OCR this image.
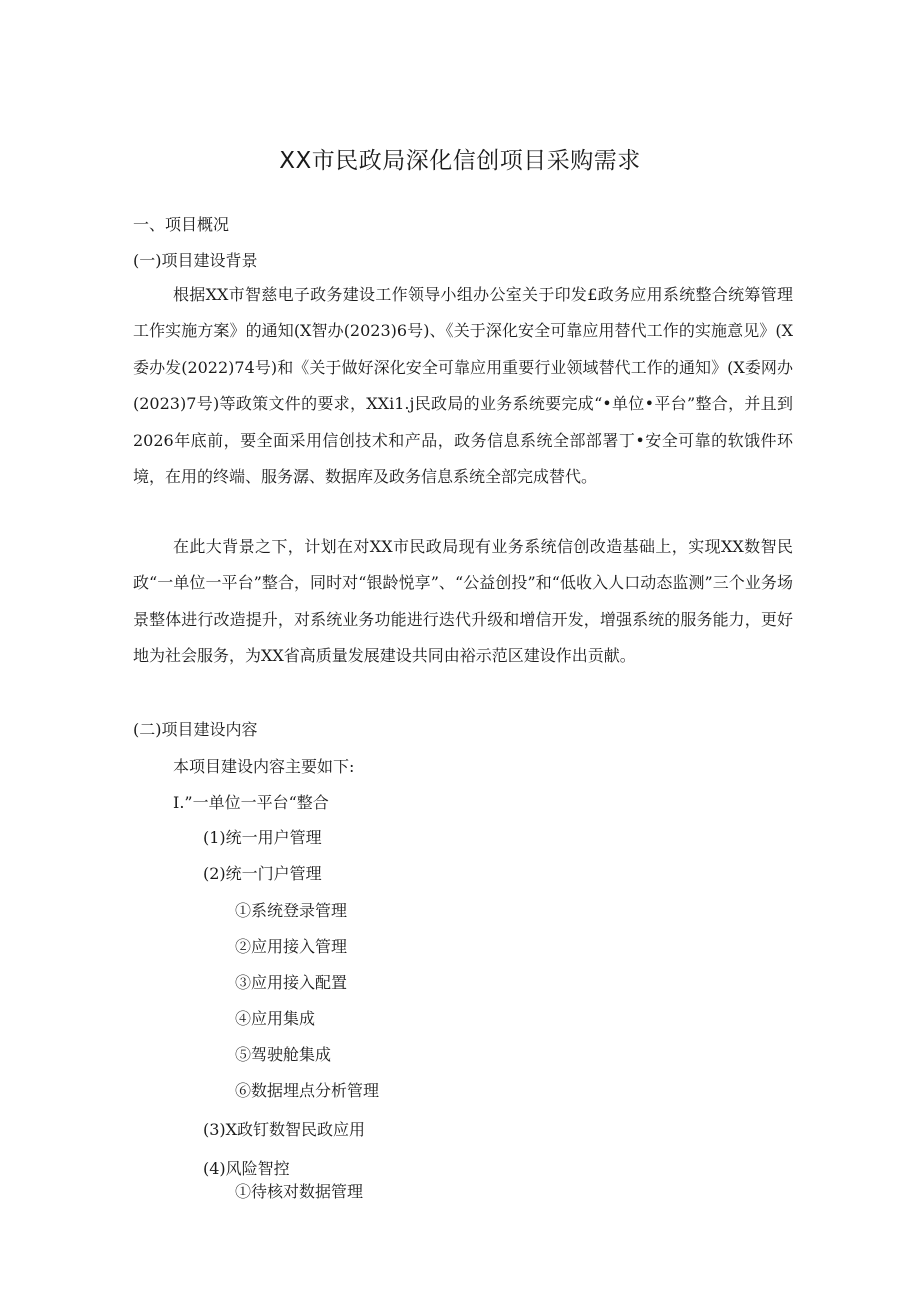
XX市民政局深化信创项目采购需求

一、项目概况

(一)项目建设背景

根据XX市智慈电子政务建设工作领导小组办公室关于印发£政务应用系统整合统筹管理工作实施方案》的通知(X智办(2023)6号)、《关于深化安全可靠应用替代工作的实施意见》(X委办发(2022)74号)和《关于做好深化安全可靠应用重要行业领域替代工作的通知》(X委网办(2023)7号)等政策文件的要求，XXi1.j民政局的业务系统要完成“•单位•平台”整合，并且到2026年底前，要全面采用信创技术和产品，政务信息系统全部部署丁•安全可靠的软饿件环境，在用的终端、服务潺、数据库及政务信息系统全部完成替代。

在此大背景之下，计划在对XX市民政局现有业务系统信创改造基础上，实现XX数智民政“一单位一平台”整合，同时对“银龄悦享”、“公益创投”和“低收入人口动态监测”三个业务场景整体进行改造提升，对系统业务功能进行迭代升级和增信开发，增强系统的服务能力，更好地为社会服务，为XX省高质量发展建设共同由裕示范区建设作出贡献。

(二)项目建设内容

本项目建设内容主要如下:

I.”一单位一平台“整合

(1)统一用户管理

(2)统一门户管理

①系统登录管理

②应用接入管理

③应用接入配置

④应用集成

⑤驾驶舱集成

⑥数据埋点分析管理

(3)X政钉数智民政应用

(4)风险智控

①待核对数据管理
